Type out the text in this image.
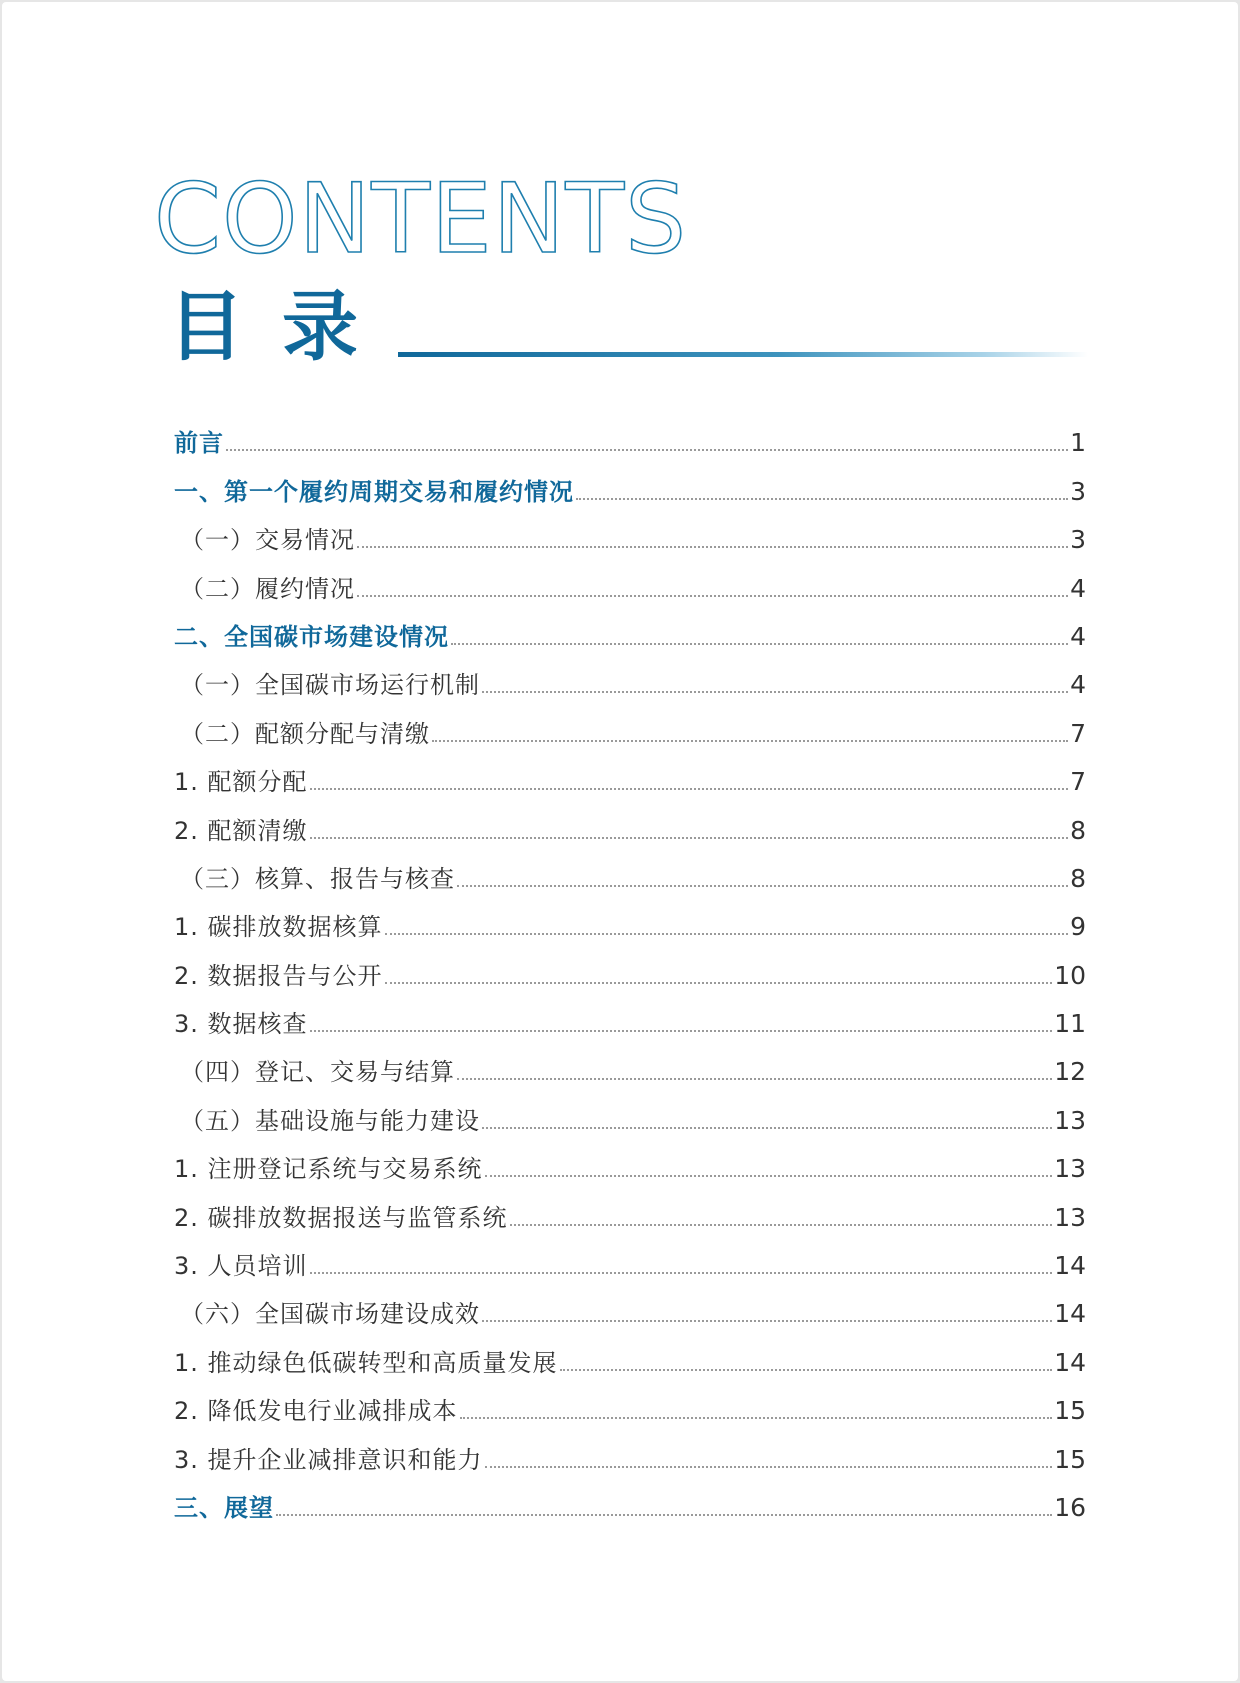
CONTENTS
目录
前言	1
一、第一个履约周期交易和履约情况	3
（一）交易情况	3
（二）履约情况	4
二、全国碳市场建设情况	4
（一）全国碳市场运行机制	4
（二）配额分配与清缴	7
1. 配额分配	7
2. 配额清缴	8
（三）核算、报告与核查	8
1. 碳排放数据核算	9
2. 数据报告与公开	10
3. 数据核查	11
（四）登记、交易与结算	12
（五）基础设施与能力建设	13
1. 注册登记系统与交易系统	13
2. 碳排放数据报送与监管系统	13
3. 人员培训	14
（六）全国碳市场建设成效	14
1. 推动绿色低碳转型和高质量发展	14
2. 降低发电行业减排成本	15
3. 提升企业减排意识和能力	15
三、展望	16
